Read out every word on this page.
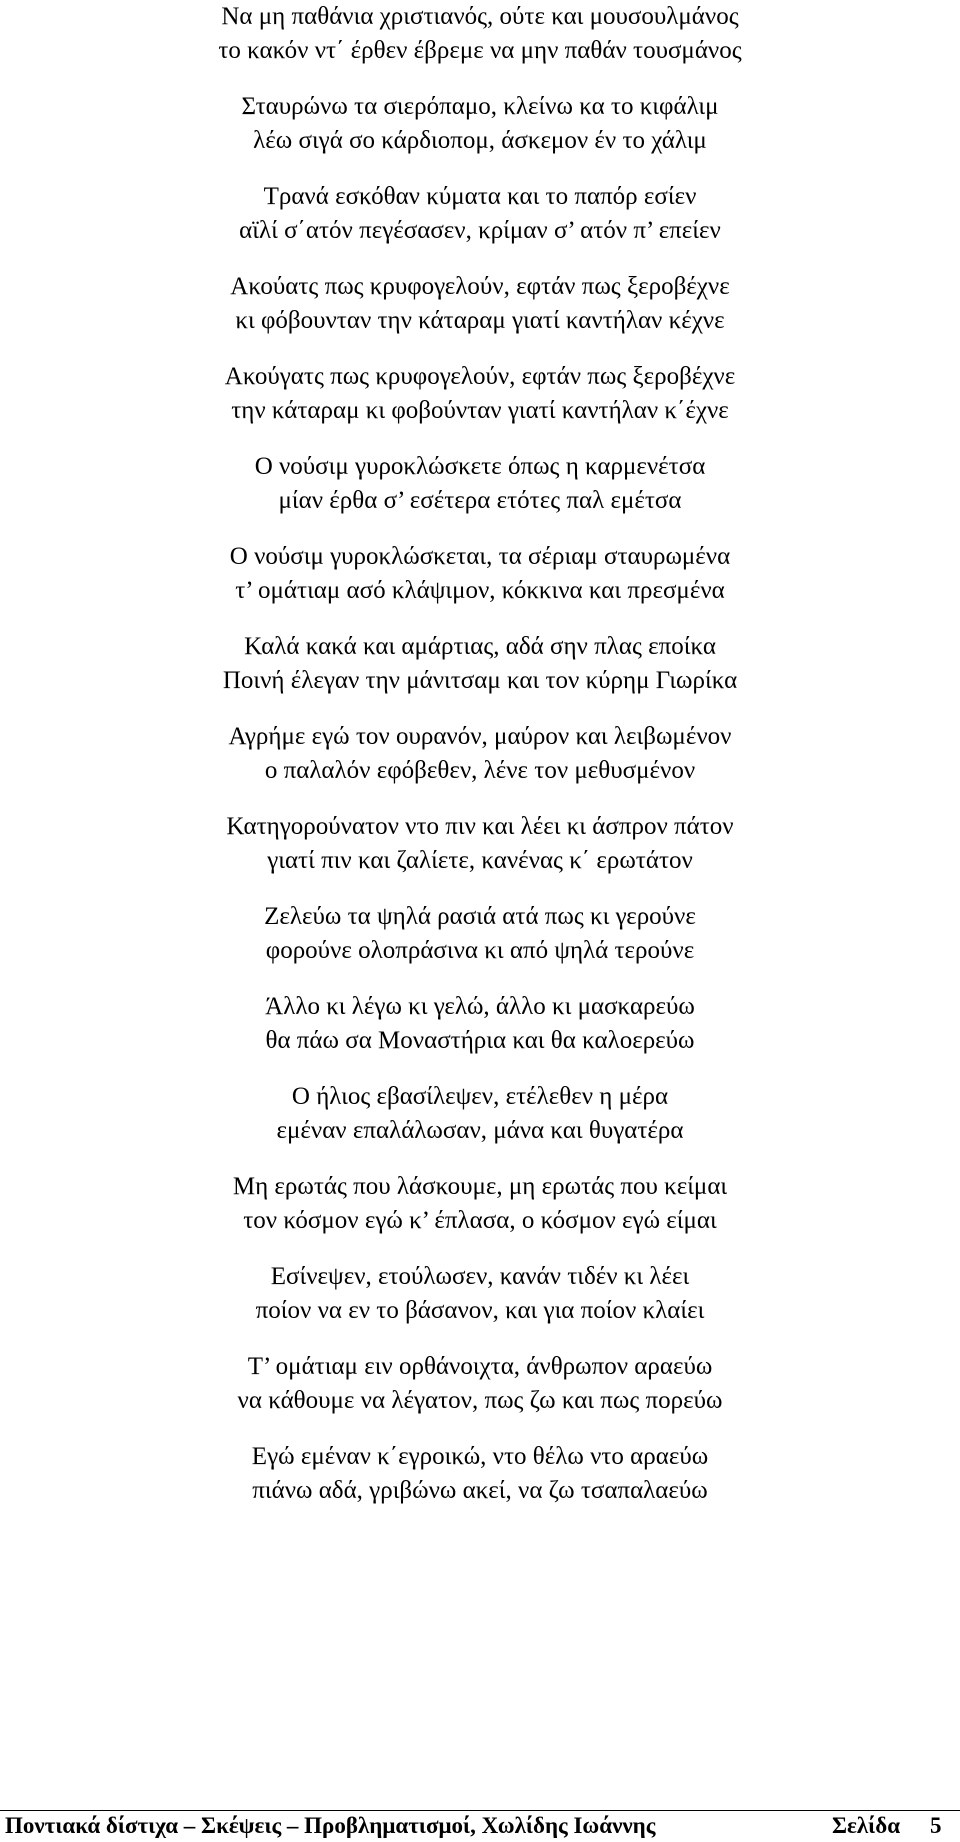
Να μη παθάνια χριστιανός, ούτε και μουσουλμάνος
το κακόν ντ΄ έρθεν έβρεμε να μην παθάν τουσμάνος
Σταυρώνω τα σιερόπαμο, κλείνω κα το κιφάλιμ
λέω σιγά σο κάρδιοπομ, άσκεμον έν το χάλιμ
Τρανά εσκόθαν κύματα και το παπόρ εσίεν
αϊλί σ΄ατόν πεγέσασεν, κρίμαν σ’ ατόν π’ επείεν
Ακούατς πως κρυφογελούν, εφτάν πως ξεροβέχνε
κι φόβουνταν την κάταραμ γιατί καντήλαν κέχνε
Ακούγατς πως κρυφογελούν, εφτάν πως ξεροβέχνε
την κάταραμ κι φοβούνταν γιατί καντήλαν κ΄έχνε
Ο νούσιμ γυροκλώσκετε όπως η καρμενέτσα
μίαν έρθα σ’ εσέτερα ετότες παλ εμέτσα
Ο νούσιμ γυροκλώσκεται, τα σέριαμ σταυρωμένα
τ’ ομάτιαμ ασό κλάψιμον, κόκκινα και πρεσμένα
Καλά κακά και αμάρτιας, αδά σην πλας εποίκα
Ποινή έλεγαν την μάνιτσαμ και τον κύρημ Γιωρίκα
Αγρήμε εγώ τον ουρανόν, μαύρον και λειβωμένον
ο παλαλόν εφόβεθεν, λένε τον μεθυσμένον
Κατηγορούνατον ντο πιν και λέει κι άσπρον πάτον
γιατί πιν και ζαλίετε, κανένας κ΄ ερωτάτον
Ζελεύω τα ψηλά ρασιά ατά πως κι γερούνε
φορούνε ολοπράσινα κι από ψηλά τερούνε
Άλλο κι λέγω κι γελώ, άλλο κι μασκαρεύω
θα πάω σα Μοναστήρια και θα καλοερεύω
Ο ήλιος εβασίλεψεν, ετέλεθεν η μέρα
εμέναν επαλάλωσαν, μάνα και θυγατέρα
Μη ερωτάς που λάσκουμε, μη ερωτάς που κείμαι
τον κόσμον εγώ κ’ έπλασα, ο κόσμον εγώ είμαι
Εσίνεψεν, ετούλωσεν, κανάν τιδέν κι λέει
ποίον να εν το βάσανον, και για ποίον κλαίει
Τ’ ομάτιαμ ειν ορθάνοιχτα, άνθρωπον αραεύω
να κάθουμε να λέγατον, πως ζω και πως πορεύω
Εγώ εμέναν κ΄εγροικώ, ντο θέλω ντο αραεύω
πιάνω αδά, γριβώνω ακεί, να ζω τσαπαλαεύω
Ποντιακά δίστιχα – Σκέψεις – Προβληματισμοί, Χωλίδης Ιωάννης	Σελίδα 5
